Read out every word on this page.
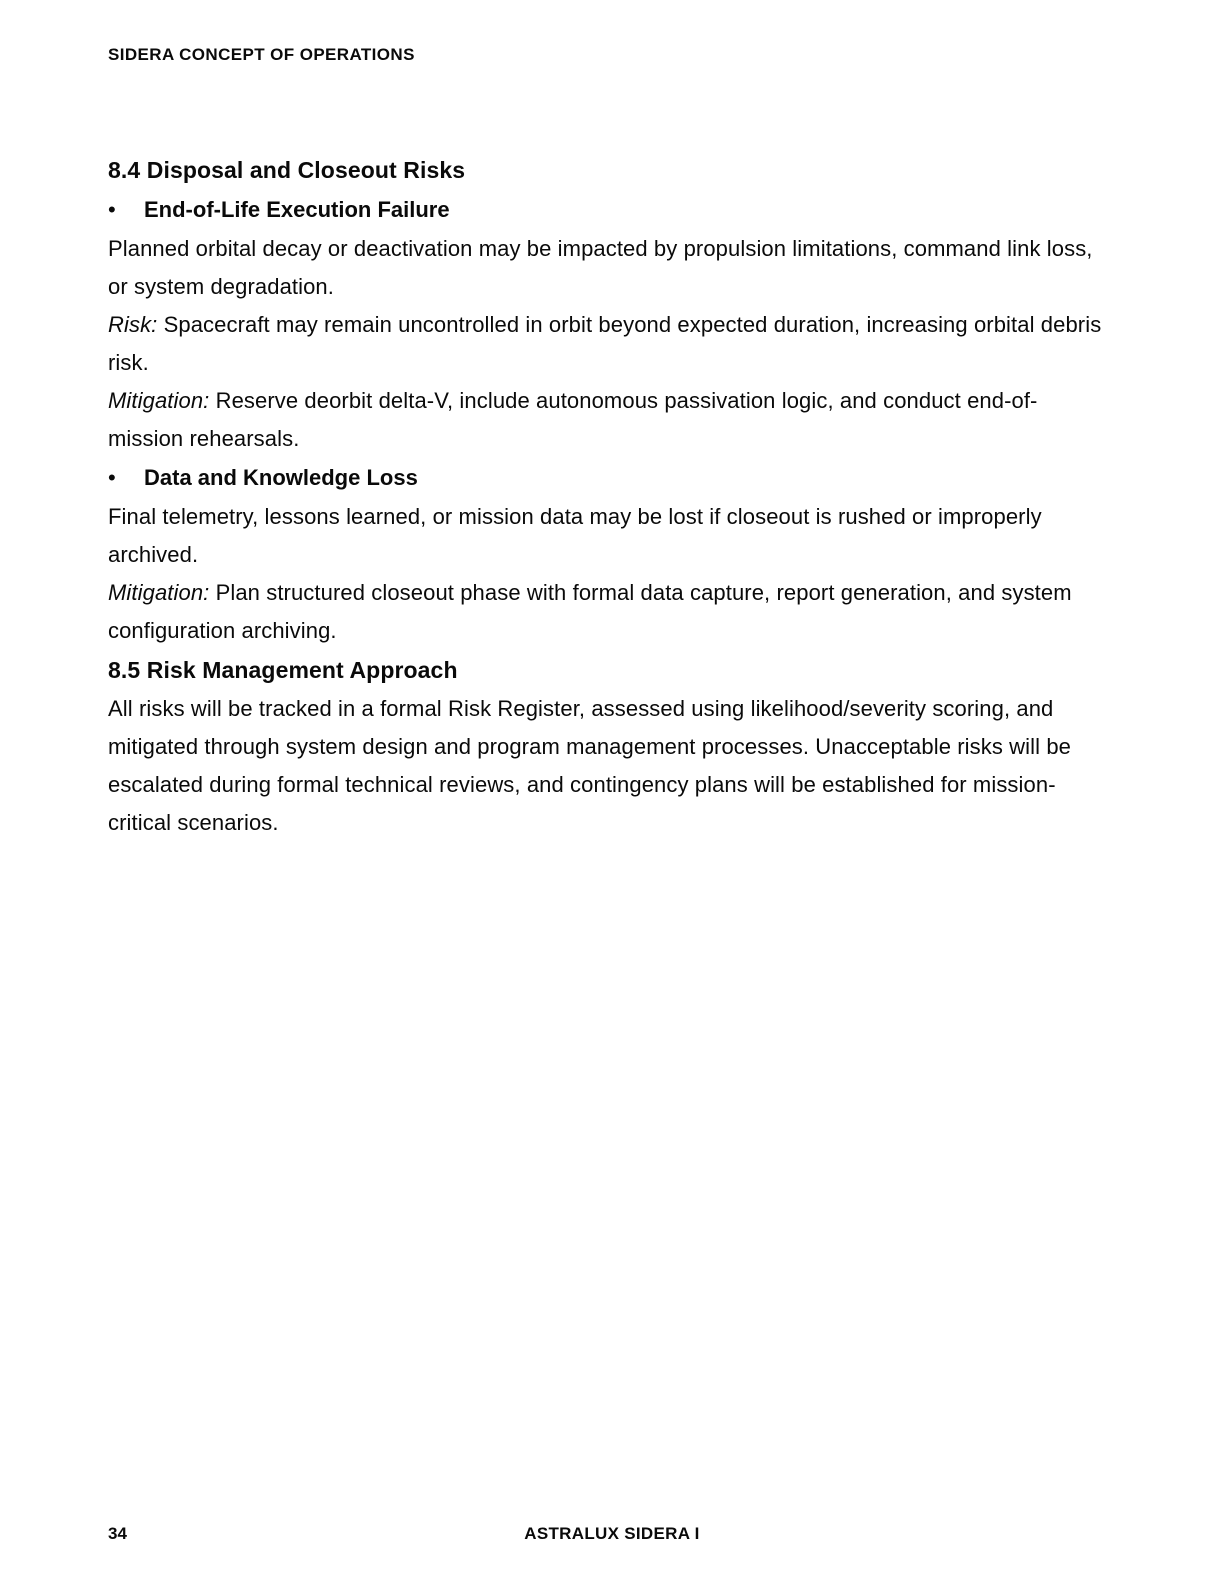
SIDERA CONCEPT OF OPERATIONS
8.4 Disposal and Closeout Risks
•	End-of-Life Execution Failure

Planned orbital decay or deactivation may be impacted by propulsion limitations, command link loss, or system degradation.

Risk: Spacecraft may remain uncontrolled in orbit beyond expected duration, increasing orbital debris risk.

Mitigation: Reserve deorbit delta-V, include autonomous passivation logic, and conduct end-of-mission rehearsals.

•	Data and Knowledge Loss

Final telemetry, lessons learned, or mission data may be lost if closeout is rushed or improperly archived.

Mitigation: Plan structured closeout phase with formal data capture, report generation, and system configuration archiving.

8.5 Risk Management Approach

All risks will be tracked in a formal Risk Register, assessed using likelihood/severity scoring, and mitigated through system design and program management processes. Unacceptable risks will be escalated during formal technical reviews, and contingency plans will be established for mission-critical scenarios.

34	ASTRALUX SIDERA I
